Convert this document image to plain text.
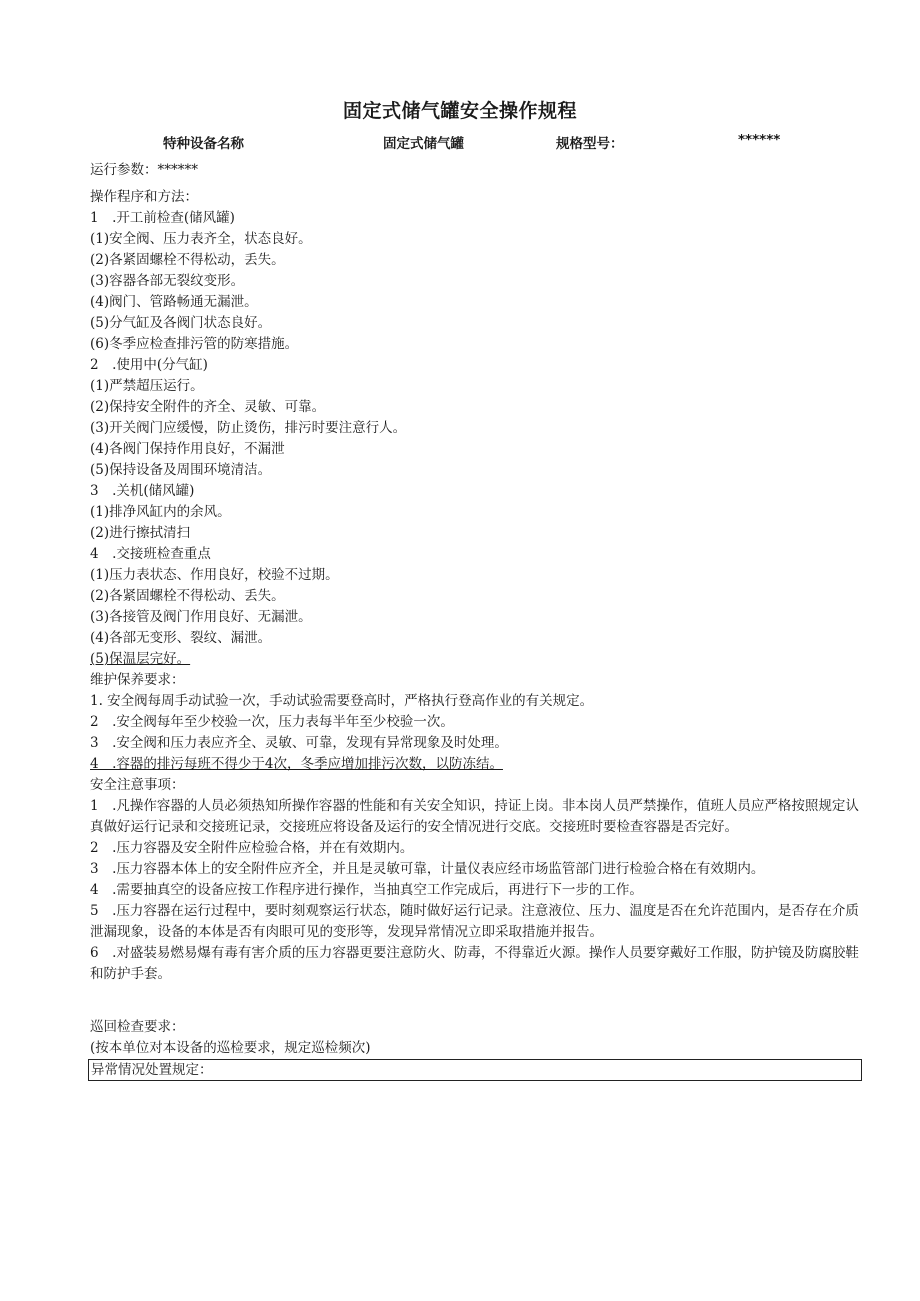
固定式储气罐安全操作规程
特种设备名称	固定式储气罐	规格型号：	******
运行参数：******
操作程序和方法：
1　.开工前检查(储风罐)
(1)安全阀、压力表齐全，状态良好。
(2)各紧固螺栓不得松动，丢失。
(3)容器各部无裂纹变形。
(4)阀门、管路畅通无漏泄。
(5)分气缸及各阀门状态良好。
(6)冬季应检查排污管的防寒措施。
2　.使用中(分气缸)
(1)严禁超压运行。
(2)保持安全附件的齐全、灵敏、可靠。
(3)开关阀门应缓慢，防止烫伤，排污时要注意行人。
(4)各阀门保持作用良好，不漏泄
(5)保持设备及周围环境清洁。
3　.关机(储风罐)
(1)排净风缸内的余风。
(2)进行擦拭清扫
4　.交接班检查重点
(1)压力表状态、作用良好，校验不过期。
(2)各紧固螺栓不得松动、丢失。
(3)各接管及阀门作用良好、无漏泄。
(4)各部无变形、裂纹、漏泄。
(5)保温层完好。
维护保养要求：
1. 安全阀每周手动试验一次，手动试验需要登高时，严格执行登高作业的有关规定。
2　.安全阀每年至少校验一次，压力表每半年至少校验一次。
3　.安全阀和压力表应齐全、灵敏、可靠，发现有异常现象及时处理。
4　.容器的排污每班不得少于4次，冬季应增加排污次数，以防冻结。
安全注意事项：
1　.凡操作容器的人员必须热知所操作容器的性能和有关安全知识，持证上岗。非本岗人员严禁操作，值班人员应严格按照规定认真做好运行记录和交接班记录，交接班应将设备及运行的安全情况进行交底。交接班时要检查容器是否完好。
2　.压力容器及安全附件应检验合格，并在有效期内。
3　.压力容器本体上的安全附件应齐全，并且是灵敏可靠，计量仪表应经市场监管部门进行检验合格在有效期内。
4　.需要抽真空的设备应按工作程序进行操作，当抽真空工作完成后，再进行下一步的工作。
5　.压力容器在运行过程中，要时刻观察运行状态，随时做好运行记录。注意液位、压力、温度是否在允许范围内，是否存在介质泄漏现象，设备的本体是否有肉眼可见的变形等，发现异常情况立即采取措施并报告。
6　.对盛装易燃易爆有毒有害介质的压力容器更要注意防火、防毒，不得靠近火源。操作人员要穿戴好工作服，防护镜及防腐胶鞋和防护手套。
巡回检查要求：
(按本单位对本设备的巡检要求，规定巡检频次)
异常情况处置规定：
